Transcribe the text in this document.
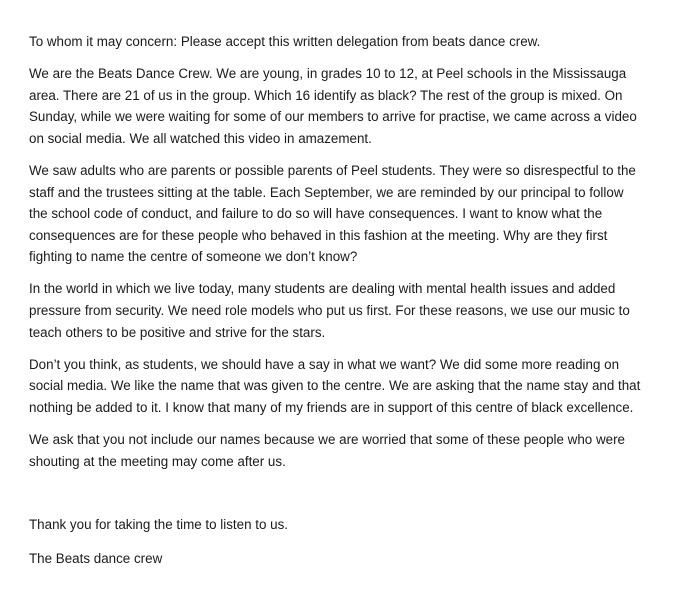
To whom it may concern: Please accept this written delegation from beats dance crew.

We are the Beats Dance Crew. We are young, in grades 10 to 12, at Peel schools in the Mississauga area. There are 21 of us in the group. Which 16 identify as black? The rest of the group is mixed. On Sunday, while we were waiting for some of our members to arrive for practise, we came across a video on social media. We all watched this video in amazement.

We saw adults who are parents or possible parents of Peel students. They were so disrespectful to the staff and the trustees sitting at the table. Each September, we are reminded by our principal to follow the school code of conduct, and failure to do so will have consequences. I want to know what the consequences are for these people who behaved in this fashion at the meeting. Why are they first fighting to name the centre of someone we don’t know?

In the world in which we live today, many students are dealing with mental health issues and added pressure from security. We need role models who put us first. For these reasons, we use our music to teach others to be positive and strive for the stars.

Don’t you think, as students, we should have a say in what we want? We did some more reading on social media. We like the name that was given to the centre. We are asking that the name stay and that nothing be added to it. I know that many of my friends are in support of this centre of black excellence.

We ask that you not include our names because we are worried that some of these people who were shouting at the meeting may come after us.

Thank you for taking the time to listen to us.

The Beats dance crew
